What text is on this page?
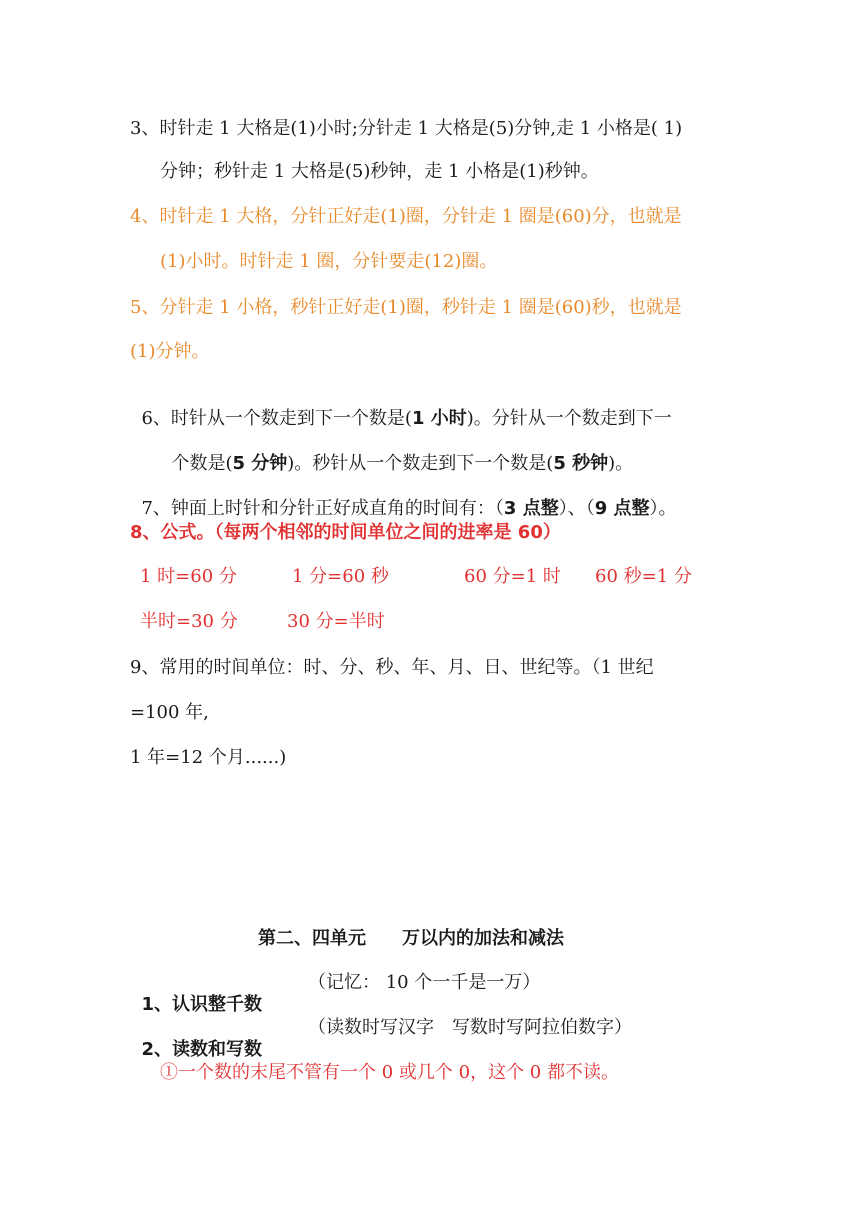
3、时针走 1 大格是(1)小时;分针走 1 大格是(5)分钟,走 1 小格是( 1)
分钟；秒针走 1 大格是(5)秒钟，走 1 小格是(1)秒钟。
4、时针走 1 大格，分针正好走(1)圈，分针走 1 圈是(60)分，也就是
(1)小时。时针走 1 圈，分针要走(12)圈。
5、分针走 1 小格，秒针正好走(1)圈，秒针走 1 圈是(60)秒，也就是
(1)分钟。

6、时针从一个数走到下一个数是(1 小时)。分针从一个数走到下一

个数是(5 分钟)。秒针从一个数走到下一个数是(5 秒钟)。

7、钟面上时针和分针正好成直角的时间有：（3 点整）、（9 点整）。

8、公式。（每两个相邻的时间单位之间的进率是 60）
1 时=60 分	1 分=60 秒	60 分=1 时 60 秒=1 分
半时=30 分	30 分=半时
9、常用的时间单位：时、分、秒、年、月、日、世纪等。（1 世纪
=100 年,
1 年=12 个月......)
第二、四单元　　万以内的加法和减法

1、认识整千数

（记忆： 10 个一千是一万）

2、读数和写数

（读数时写汉字　写数时写阿拉伯数字）
①一个数的末尾不管有一个 0 或几个 0，这个 0 都不读。
